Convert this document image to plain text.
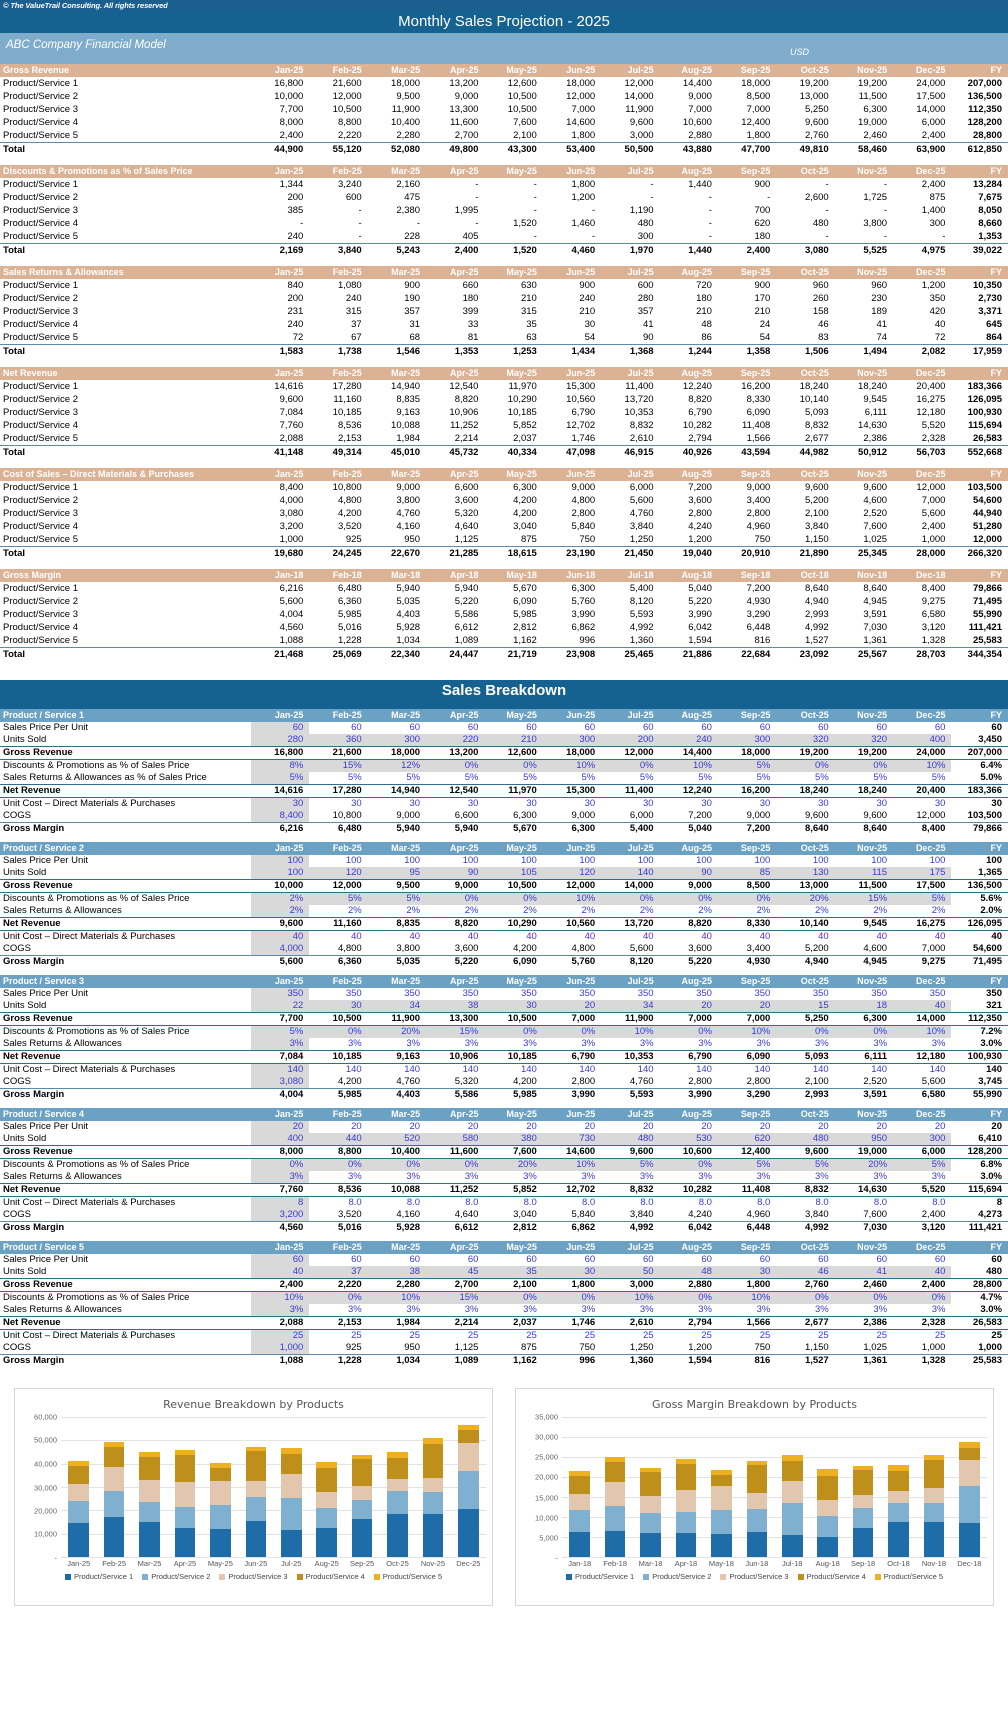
© The ValueTrail Consulting. All rights reserved
Monthly Sales Projection - 2025
ABC Company Financial Model
USD
Gross Revenue	Jan-25	Feb-25	Mar-25	Apr-25	May-25	Jun-25	Jul-25	Aug-25	Sep-25	Oct-25	Nov-25	Dec-25	FY
Product/Service 1	16,800	21,600	18,000	13,200	12,600	18,000	12,000	14,400	18,000	19,200	19,200	24,000	207,000
Product/Service 2	10,000	12,000	9,500	9,000	10,500	12,000	14,000	9,000	8,500	13,000	11,500	17,500	136,500
Product/Service 3	7,700	10,500	11,900	13,300	10,500	7,000	11,900	7,000	7,000	5,250	6,300	14,000	112,350
Product/Service 4	8,000	8,800	10,400	11,600	7,600	14,600	9,600	10,600	12,400	9,600	19,000	6,000	128,200
Product/Service 5	2,400	2,220	2,280	2,700	2,100	1,800	3,000	2,880	1,800	2,760	2,460	2,400	28,800
Total	44,900	55,120	52,080	49,800	43,300	53,400	50,500	43,880	47,700	49,810	58,460	63,900	612,850
Discounts & Promotions as % of Sales Price	Jan-25	Feb-25	Mar-25	Apr-25	May-25	Jun-25	Jul-25	Aug-25	Sep-25	Oct-25	Nov-25	Dec-25	FY
Product/Service 1	1,344	3,240	2,160	-	-	1,800	-	1,440	900	-	-	2,400	13,284
Product/Service 2	200	600	475	-	-	1,200	-	-	-	2,600	1,725	875	7,675
Product/Service 3	385	-	2,380	1,995	-	-	1,190	-	700	-	-	1,400	8,050
Product/Service 4	-	-	-	-	1,520	1,460	480	-	620	480	3,800	300	8,660
Product/Service 5	240	-	228	405	-	-	300	-	180	-	-	-	1,353
Total	2,169	3,840	5,243	2,400	1,520	4,460	1,970	1,440	2,400	3,080	5,525	4,975	39,022
Sales Returns & Allowances	Jan-25	Feb-25	Mar-25	Apr-25	May-25	Jun-25	Jul-25	Aug-25	Sep-25	Oct-25	Nov-25	Dec-25	FY
Product/Service 1	840	1,080	900	660	630	900	600	720	900	960	960	1,200	10,350
Product/Service 2	200	240	190	180	210	240	280	180	170	260	230	350	2,730
Product/Service 3	231	315	357	399	315	210	357	210	210	158	189	420	3,371
Product/Service 4	240	37	31	33	35	30	41	48	24	46	41	40	645
Product/Service 5	72	67	68	81	63	54	90	86	54	83	74	72	864
Total	1,583	1,738	1,546	1,353	1,253	1,434	1,368	1,244	1,358	1,506	1,494	2,082	17,959
Net Revenue	Jan-25	Feb-25	Mar-25	Apr-25	May-25	Jun-25	Jul-25	Aug-25	Sep-25	Oct-25	Nov-25	Dec-25	FY
Product/Service 1	14,616	17,280	14,940	12,540	11,970	15,300	11,400	12,240	16,200	18,240	18,240	20,400	183,366
Product/Service 2	9,600	11,160	8,835	8,820	10,290	10,560	13,720	8,820	8,330	10,140	9,545	16,275	126,095
Product/Service 3	7,084	10,185	9,163	10,906	10,185	6,790	10,353	6,790	6,090	5,093	6,111	12,180	100,930
Product/Service 4	7,760	8,536	10,088	11,252	5,852	12,702	8,832	10,282	11,408	8,832	14,630	5,520	115,694
Product/Service 5	2,088	2,153	1,984	2,214	2,037	1,746	2,610	2,794	1,566	2,677	2,386	2,328	26,583
Total	41,148	49,314	45,010	45,732	40,334	47,098	46,915	40,926	43,594	44,982	50,912	56,703	552,668
Cost of Sales – Direct Materials & Purchases	Jan-25	Feb-25	Mar-25	Apr-25	May-25	Jun-25	Jul-25	Aug-25	Sep-25	Oct-25	Nov-25	Dec-25	FY
Product/Service 1	8,400	10,800	9,000	6,600	6,300	9,000	6,000	7,200	9,000	9,600	9,600	12,000	103,500
Product/Service 2	4,000	4,800	3,800	3,600	4,200	4,800	5,600	3,600	3,400	5,200	4,600	7,000	54,600
Product/Service 3	3,080	4,200	4,760	5,320	4,200	2,800	4,760	2,800	2,800	2,100	2,520	5,600	44,940
Product/Service 4	3,200	3,520	4,160	4,640	3,040	5,840	3,840	4,240	4,960	3,840	7,600	2,400	51,280
Product/Service 5	1,000	925	950	1,125	875	750	1,250	1,200	750	1,150	1,025	1,000	12,000
Total	19,680	24,245	22,670	21,285	18,615	23,190	21,450	19,040	20,910	21,890	25,345	28,000	266,320
Gross Margin	Jan-18	Feb-18	Mar-18	Apr-18	May-18	Jun-18	Jul-18	Aug-18	Sep-18	Oct-18	Nov-18	Dec-18	FY
Product/Service 1	6,216	6,480	5,940	5,940	5,670	6,300	5,400	5,040	7,200	8,640	8,640	8,400	79,866
Product/Service 2	5,600	6,360	5,035	5,220	6,090	5,760	8,120	5,220	4,930	4,940	4,945	9,275	71,495
Product/Service 3	4,004	5,985	4,403	5,586	5,985	3,990	5,593	3,990	3,290	2,993	3,591	6,580	55,990
Product/Service 4	4,560	5,016	5,928	6,612	2,812	6,862	4,992	6,042	6,448	4,992	7,030	3,120	111,421
Product/Service 5	1,088	1,228	1,034	1,089	1,162	996	1,360	1,594	816	1,527	1,361	1,328	25,583
Total	21,468	25,069	22,340	24,447	21,719	23,908	25,465	21,886	22,684	23,092	25,567	28,703	344,354
Sales Breakdown
Product / Service 1	Jan-25	Feb-25	Mar-25	Apr-25	May-25	Jun-25	Jul-25	Aug-25	Sep-25	Oct-25	Nov-25	Dec-25	FY
Sales Price Per Unit	60	60	60	60	60	60	60	60	60	60	60	60	60
Units Sold	280	360	300	220	210	300	200	240	300	320	320	400	3,450
Gross Revenue	16,800	21,600	18,000	13,200	12,600	18,000	12,000	14,400	18,000	19,200	19,200	24,000	207,000
Discounts & Promotions as % of Sales Price	8%	15%	12%	0%	0%	10%	0%	10%	5%	0%	0%	10%	6.4%
Sales Returns & Allowances as % of Sales Price	5%	5%	5%	5%	5%	5%	5%	5%	5%	5%	5%	5%	5.0%
Net Revenue	14,616	17,280	14,940	12,540	11,970	15,300	11,400	12,240	16,200	18,240	18,240	20,400	183,366
Unit Cost – Direct Materials & Purchases	30	30	30	30	30	30	30	30	30	30	30	30	30
COGS	8,400	10,800	9,000	6,600	6,300	9,000	6,000	7,200	9,000	9,600	9,600	12,000	103,500
Gross Margin	6,216	6,480	5,940	5,940	5,670	6,300	5,400	5,040	7,200	8,640	8,640	8,400	79,866
Product / Service 2	Jan-25	Feb-25	Mar-25	Apr-25	May-25	Jun-25	Jul-25	Aug-25	Sep-25	Oct-25	Nov-25	Dec-25	FY
Sales Price Per Unit	100	100	100	100	100	100	100	100	100	100	100	100	100
Units Sold	100	120	95	90	105	120	140	90	85	130	115	175	1,365
Gross Revenue	10,000	12,000	9,500	9,000	10,500	12,000	14,000	9,000	8,500	13,000	11,500	17,500	136,500
Discounts & Promotions as % of Sales Price	2%	5%	5%	0%	0%	10%	0%	0%	0%	20%	15%	5%	5.6%
Sales Returns & Allowances	2%	2%	2%	2%	2%	2%	2%	2%	2%	2%	2%	2%	2.0%
Net Revenue	9,600	11,160	8,835	8,820	10,290	10,560	13,720	8,820	8,330	10,140	9,545	16,275	126,095
Unit Cost – Direct Materials & Purchases	40	40	40	40	40	40	40	40	40	40	40	40	40
COGS	4,000	4,800	3,800	3,600	4,200	4,800	5,600	3,600	3,400	5,200	4,600	7,000	54,600
Gross Margin	5,600	6,360	5,035	5,220	6,090	5,760	8,120	5,220	4,930	4,940	4,945	9,275	71,495
Product / Service 3	Jan-25	Feb-25	Mar-25	Apr-25	May-25	Jun-25	Jul-25	Aug-25	Sep-25	Oct-25	Nov-25	Dec-25	FY
Sales Price Per Unit	350	350	350	350	350	350	350	350	350	350	350	350	350
Units Sold	22	30	34	38	30	20	34	20	20	15	18	40	321
Gross Revenue	7,700	10,500	11,900	13,300	10,500	7,000	11,900	7,000	7,000	5,250	6,300	14,000	112,350
Discounts & Promotions as % of Sales Price	5%	0%	20%	15%	0%	0%	10%	0%	10%	0%	0%	10%	7.2%
Sales Returns & Allowances	3%	3%	3%	3%	3%	3%	3%	3%	3%	3%	3%	3%	3.0%
Net Revenue	7,084	10,185	9,163	10,906	10,185	6,790	10,353	6,790	6,090	5,093	6,111	12,180	100,930
Unit Cost – Direct Materials & Purchases	140	140	140	140	140	140	140	140	140	140	140	140	140
COGS	3,080	4,200	4,760	5,320	4,200	2,800	4,760	2,800	2,800	2,100	2,520	5,600	3,745
Gross Margin	4,004	5,985	4,403	5,586	5,985	3,990	5,593	3,990	3,290	2,993	3,591	6,580	55,990
Product / Service 4	Jan-25	Feb-25	Mar-25	Apr-25	May-25	Jun-25	Jul-25	Aug-25	Sep-25	Oct-25	Nov-25	Dec-25	FY
Sales Price Per Unit	20	20	20	20	20	20	20	20	20	20	20	20	20
Units Sold	400	440	520	580	380	730	480	530	620	480	950	300	6,410
Gross Revenue	8,000	8,800	10,400	11,600	7,600	14,600	9,600	10,600	12,400	9,600	19,000	6,000	128,200
Discounts & Promotions as % of Sales Price	0%	0%	0%	0%	20%	10%	5%	0%	5%	5%	20%	5%	6.8%
Sales Returns & Allowances	3%	3%	3%	3%	3%	3%	3%	3%	3%	3%	3%	3%	3.0%
Net Revenue	7,760	8,536	10,088	11,252	5,852	12,702	8,832	10,282	11,408	8,832	14,630	5,520	115,694
Unit Cost – Direct Materials & Purchases	8	8.0	8.0	8.0	8.0	8.0	8.0	8.0	8.0	8.0	8.0	8.0	8
COGS	3,200	3,520	4,160	4,640	3,040	5,840	3,840	4,240	4,960	3,840	7,600	2,400	4,273
Gross Margin	4,560	5,016	5,928	6,612	2,812	6,862	4,992	6,042	6,448	4,992	7,030	3,120	111,421
Product / Service 5	Jan-25	Feb-25	Mar-25	Apr-25	May-25	Jun-25	Jul-25	Aug-25	Sep-25	Oct-25	Nov-25	Dec-25	FY
Sales Price Per Unit	60	60	60	60	60	60	60	60	60	60	60	60	60
Units Sold	40	37	38	45	35	30	50	48	30	46	41	40	480
Gross Revenue	2,400	2,220	2,280	2,700	2,100	1,800	3,000	2,880	1,800	2,760	2,460	2,400	28,800
Discounts & Promotions as % of Sales Price	10%	0%	10%	15%	0%	0%	10%	0%	10%	0%	0%	0%	4.7%
Sales Returns & Allowances	3%	3%	3%	3%	3%	3%	3%	3%	3%	3%	3%	3%	3.0%
Net Revenue	2,088	2,153	1,984	2,214	2,037	1,746	2,610	2,794	1,566	2,677	2,386	2,328	26,583
Unit Cost – Direct Materials & Purchases	25	25	25	25	25	25	25	25	25	25	25	25	25
COGS	1,000	925	950	1,125	875	750	1,250	1,200	750	1,150	1,025	1,000	1,000
Gross Margin	1,088	1,228	1,034	1,089	1,162	996	1,360	1,594	816	1,527	1,361	1,328	25,583
Revenue Breakdown by Products
60,000
50,000
40,000
30,000
20,000
10,000
-
Jan-25	Feb-25	Mar-25	Apr-25	May-25	Jun-25	Jul-25	Aug-25	Sep-25	Oct-25	Nov-25	Dec-25
Product/Service 1 Product/Service 2 Product/Service 3 Product/Service 4 Product/Service 5
Gross Margin Breakdown by Products
35,000
30,000
25,000
20,000
15,000
10,000
5,000
-
Jan-18	Feb-18	Mar-18	Apr-18	May-18	Jun-18	Jul-18	Aug-18	Sep-18	Oct-18	Nov-18	Dec-18
Product/Service 1 Product/Service 2 Product/Service 3 Product/Service 4 Product/Service 5
